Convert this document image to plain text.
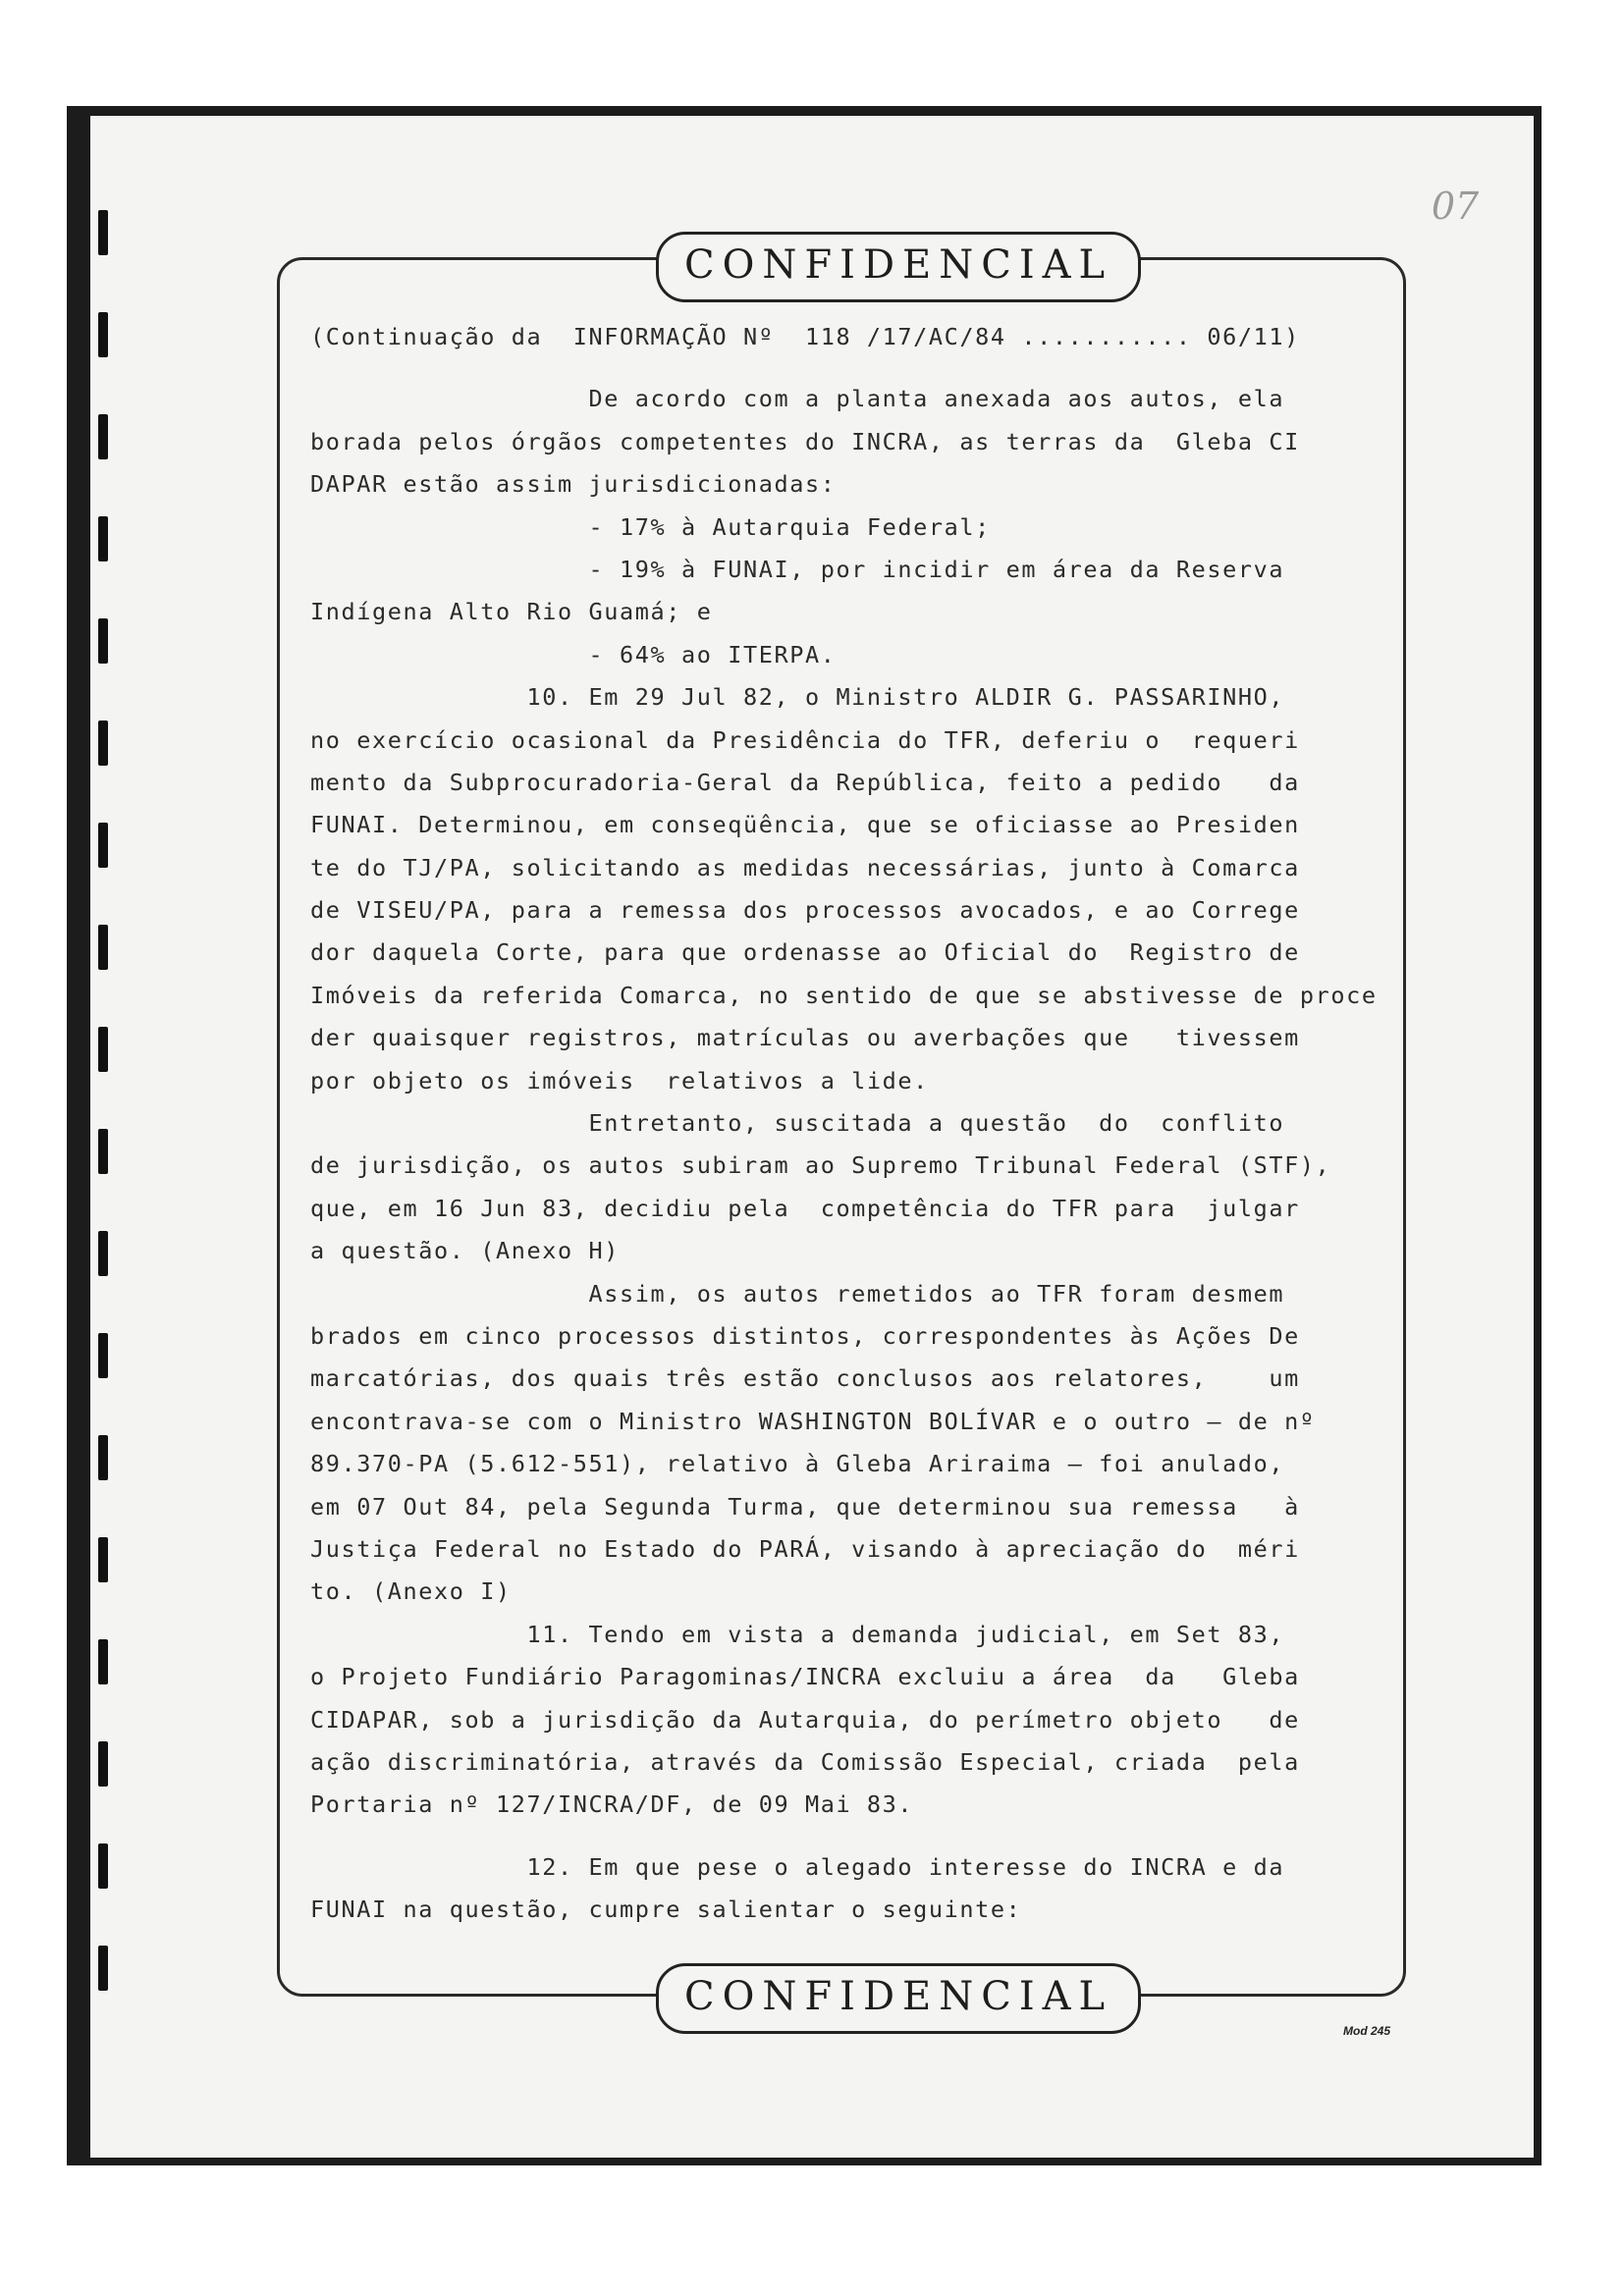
07
CONFIDENCIAL
CONFIDENCIAL
Mod 245
(Continuação da  INFORMAÇÃO Nº  118 /17/AC/84 ........... 06/11)
De acordo com a planta anexada aos autos, ela
borada pelos órgãos competentes do INCRA, as terras da  Gleba CI
DAPAR estão assim jurisdicionadas:
- 17% à Autarquia Federal;
- 19% à FUNAI, por incidir em área da Reserva
Indígena Alto Rio Guamá; e
- 64% ao ITERPA.
10. Em 29 Jul 82, o Ministro ALDIR G. PASSARINHO,
no exercício ocasional da Presidência do TFR, deferiu o  requeri
mento da Subprocuradoria-Geral da República, feito a pedido   da
FUNAI. Determinou, em conseqüência, que se oficiasse ao Presiden
te do TJ/PA, solicitando as medidas necessárias, junto à Comarca
de VISEU/PA, para a remessa dos processos avocados, e ao Correge
dor daquela Corte, para que ordenasse ao Oficial do  Registro de
Imóveis da referida Comarca, no sentido de que se abstivesse de proce
der quaisquer registros, matrículas ou averbações que   tivessem
por objeto os imóveis  relativos a lide.
Entretanto, suscitada a questão  do  conflito
de jurisdição, os autos subiram ao Supremo Tribunal Federal (STF),
que, em 16 Jun 83, decidiu pela  competência do TFR para  julgar
a questão. (Anexo H)
Assim, os autos remetidos ao TFR foram desmem
brados em cinco processos distintos, correspondentes às Ações De
marcatórias, dos quais três estão conclusos aos relatores,    um
encontrava-se com o Ministro WASHINGTON BOLÍVAR e o outro — de nº
89.370-PA (5.612-551), relativo à Gleba Ariraima — foi anulado,
em 07 Out 84, pela Segunda Turma, que determinou sua remessa   à
Justiça Federal no Estado do PARÁ, visando à apreciação do  méri
to. (Anexo I)
11. Tendo em vista a demanda judicial, em Set 83,
o Projeto Fundiário Paragominas/INCRA excluiu a área  da   Gleba
CIDAPAR, sob a jurisdição da Autarquia, do perímetro objeto   de
ação discriminatória, através da Comissão Especial, criada  pela
Portaria nº 127/INCRA/DF, de 09 Mai 83.
12. Em que pese o alegado interesse do INCRA e da
FUNAI na questão, cumpre salientar o seguinte:
